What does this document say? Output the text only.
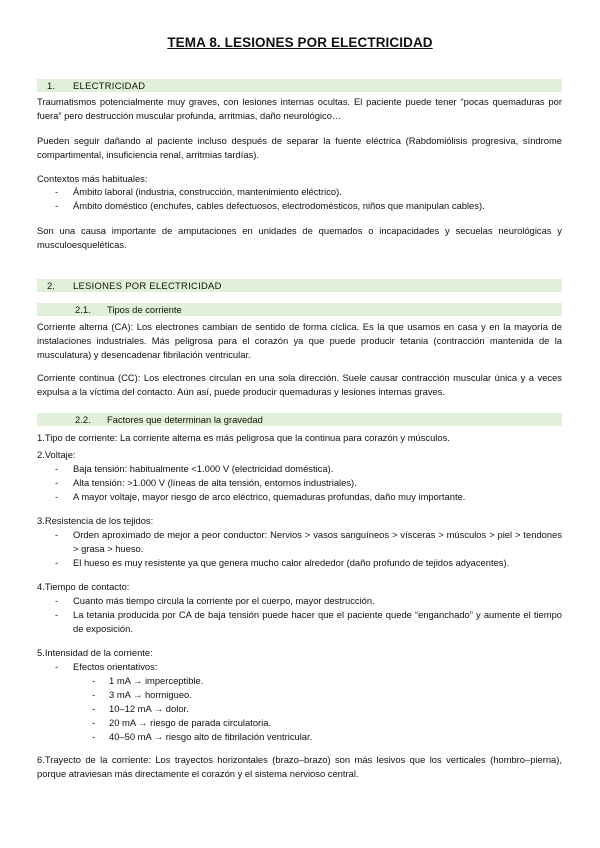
TEMA 8. LESIONES POR ELECTRICIDAD
1. ELECTRICIDAD
Traumatismos potencialmente muy graves, con lesiones internas ocultas. El paciente puede tener “pocas quemaduras por fuera” pero destrucción muscular profunda, arritmias, daño neurológico…
Pueden seguir dañando al paciente incluso después de separar la fuente eléctrica (Rabdomiólisis progresiva, síndrome compartimental, insuficiencia renal, arritmias tardías).
Contextos más habituales:
- Ámbito laboral (industria, construcción, mantenimiento eléctrico).
- Ámbito doméstico (enchufes, cables defectuosos, electrodomésticos, niños que manipulan cables).
Son una causa importante de amputaciones en unidades de quemados o incapacidades y secuelas neurológicas y musculoesqueléticas.
2. LESIONES POR ELECTRICIDAD
2.1. Tipos de corriente
Corriente alterna (CA): Los electrones cambian de sentido de forma cíclica. Es la que usamos en casa y en la mayoría de instalaciones industriales. Más peligrosa para el corazón ya que puede producir tetania (contracción mantenida de la musculatura) y desencadenar fibrilación ventricular.
Corriente continua (CC): Los electrones circulan en una sola dirección. Suele causar contracción muscular única y a veces expulsa a la víctima del contacto. Aún así, puede producir quemaduras y lesiones internas graves.
2.2. Factores que determinan la gravedad
1.Tipo de corriente: La corriente alterna es más peligrosa que la continua para corazón y músculos.
2.Voltaje:
- Baja tensión: habitualmente <1.000 V (electricidad doméstica).
- Alta tensión: >1.000 V (líneas de alta tensión, entornos industriales).
- A mayor voltaje, mayor riesgo de arco eléctrico, quemaduras profundas, daño muy importante.
3.Resistencia de los tejidos:
- Orden aproximado de mejor a peor conductor: Nervios > vasos sanguíneos > vísceras > músculos > piel > tendones > grasa > hueso.
- El hueso es muy resistente ya que genera mucho calor alrededor (daño profundo de tejidos adyacentes).
4.Tiempo de contacto:
- Cuanto más tiempo circula la corriente por el cuerpo, mayor destrucción.
- La tetania producida por CA de baja tensión puede hacer que el paciente quede “enganchado” y aumente el tiempo de exposición.
5.Intensidad de la corriente:
- Efectos orientativos:
- 1 mA → imperceptible.
- 3 mA → hormigueo.
- 10–12 mA → dolor.
- 20 mA → riesgo de parada circulatoria.
- 40–50 mA → riesgo alto de fibrilación ventricular.
6.Trayecto de la corriente: Los trayectos horizontales (brazo–brazo) son más lesivos que los verticales (hombro–pierna), porque atraviesan más directamente el corazón y el sistema nervioso central.
